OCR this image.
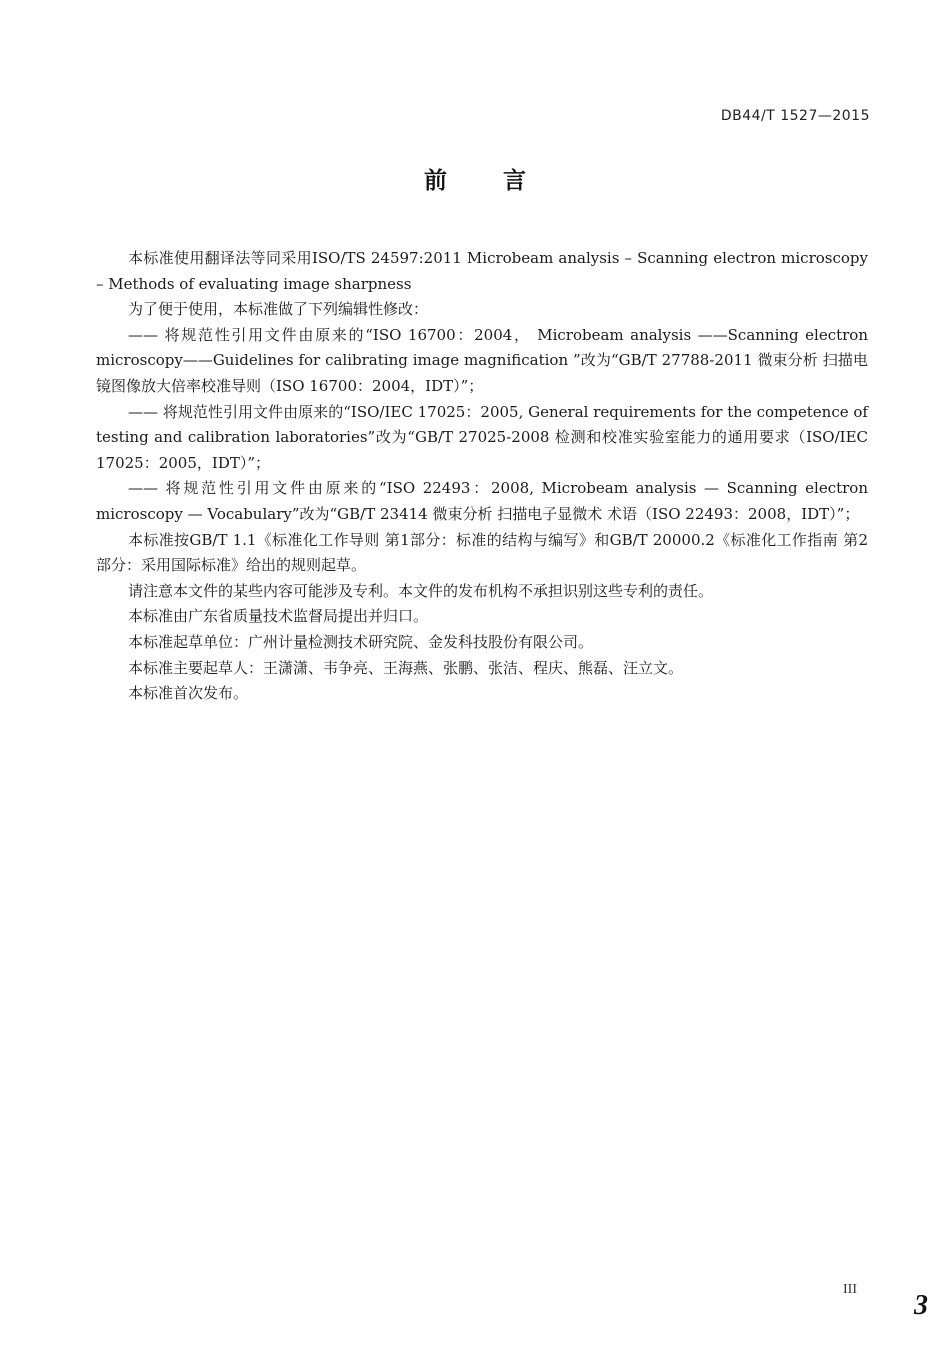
DB44/T 1527—2015
前言

本标准使用翻译法等同采用ISO/TS 24597:2011 Microbeam analysis – Scanning electron microscopy – Methods of evaluating image sharpness

为了便于使用，本标准做了下列编辑性修改：

—— 将规范性引用文件由原来的“ISO 16700：2004， Microbeam analysis ——Scanning electron microscopy——Guidelines for calibrating image magnification ”改为“GB/T 27788-2011 微束分析 扫描电镜图像放大倍率校准导则（ISO 16700：2004，IDT）”；

—— 将规范性引用文件由原来的“ISO/IEC 17025：2005, General requirements for the competence of testing and calibration laboratories”改为“GB/T 27025-2008 检测和校准实验室能力的通用要求（ISO/IEC 17025：2005，IDT）”；

—— 将规范性引用文件由原来的“ISO 22493：2008, Microbeam analysis — Scanning electron microscopy — Vocabulary”改为“GB/T 23414 微束分析 扫描电子显微术 术语（ISO 22493：2008，IDT）”；

本标准按GB/T 1.1《标准化工作导则 第1部分：标准的结构与编写》和GB/T 20000.2《标准化工作指南 第2部分：采用国际标准》给出的规则起草。

请注意本文件的某些内容可能涉及专利。本文件的发布机构不承担识别这些专利的责任。

本标准由广东省质量技术监督局提出并归口。

本标准起草单位：广州计量检测技术研究院、金发科技股份有限公司。

本标准主要起草人：王潇潇、韦争亮、王海燕、张鹏、张洁、程庆、熊磊、汪立文。

本标准首次发布。

III
3
